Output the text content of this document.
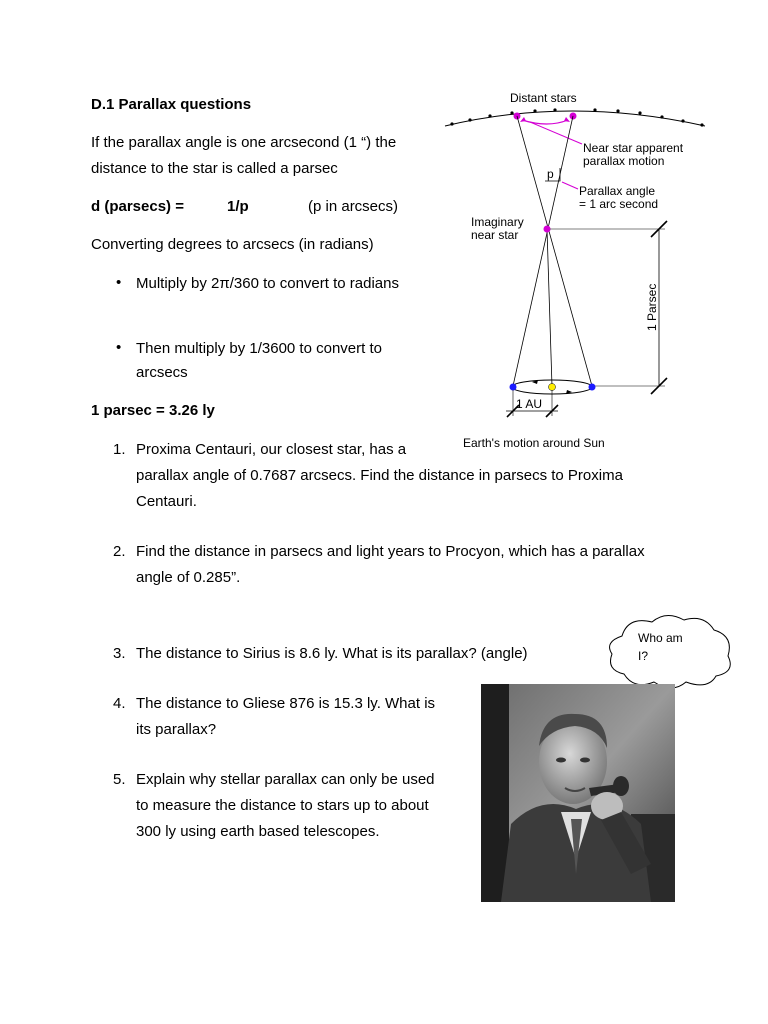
D.1 Parallax questions
If the parallax angle is one arcsecond (1 “) the
distance to the star is called a parsec
d (parsecs) =	1/p	(p in arcsecs)
Converting degrees to arcsecs (in radians)
• Multiply by 2π/360 to convert to radians
• Then multiply by 1/3600 to convert to
arcsecs
1 parsec = 3.26 ly
1. Proxima Centauri, our closest star, has a
parallax angle of 0.7687 arcsecs. Find the distance in parsecs to Proxima
Centauri.
2. Find the distance in parsecs and light years to Procyon, which has a parallax
angle of 0.285”.
3. The distance to Sirius is 8.6 ly. What is its parallax? (angle)
4. The distance to Gliese 876 is 15.3 ly. What is
its parallax?
5. Explain why stellar parallax can only be used
to measure the distance to stars up to about
300 ly using earth based telescopes.
Distant stars
Near star apparent
parallax motion
p
Parallax angle
= 1 arc second
Imaginary
near star
1 Parsec
1 AU
Earth's motion around Sun
Who am
I?
